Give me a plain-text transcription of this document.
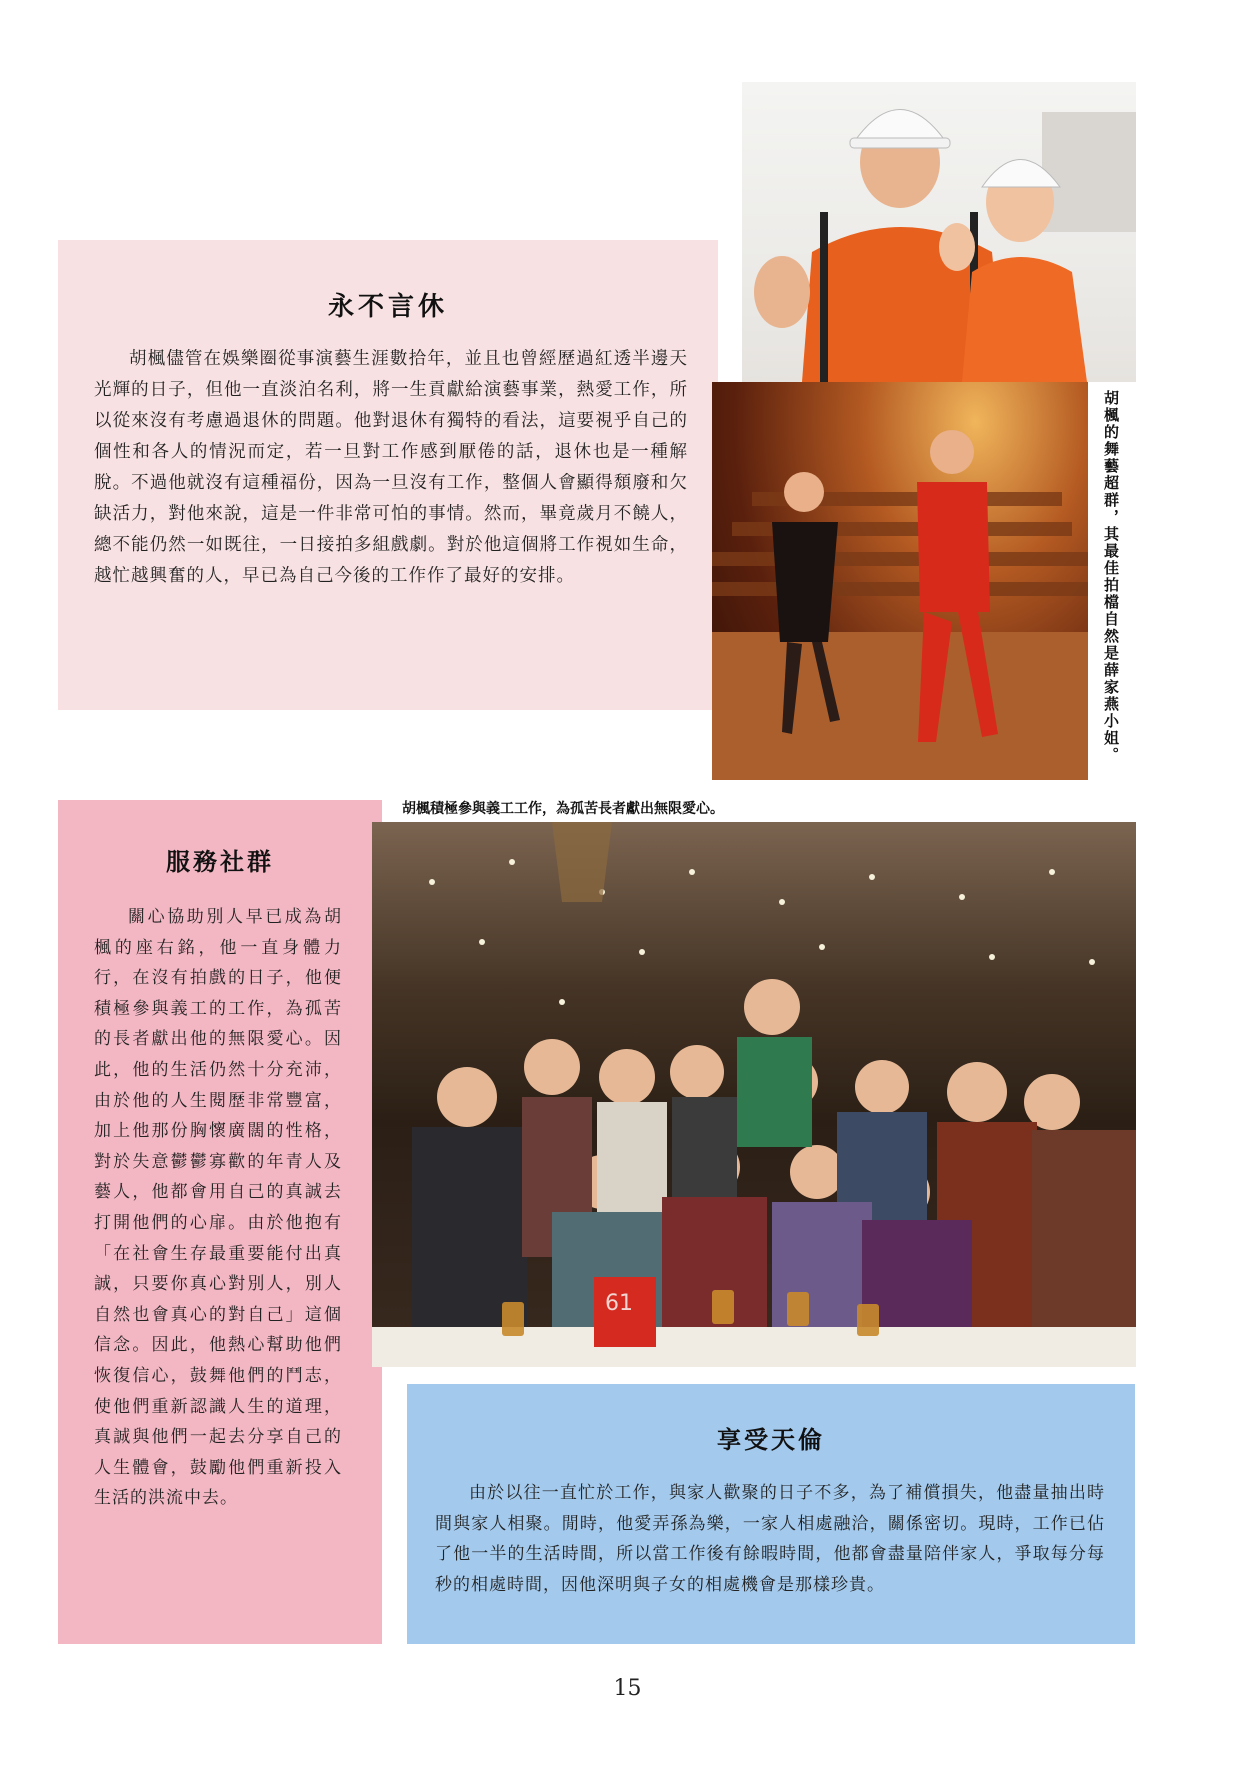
永不言休

胡楓儘管在娛樂圈從事演藝生涯數拾年，並且也曾經歷過紅透半邊天光輝的日子，但他一直淡泊名利，將一生貢獻給演藝事業，熱愛工作，所以從來沒有考慮過退休的問題。他對退休有獨特的看法，這要視乎自己的個性和各人的情況而定，若一旦對工作感到厭倦的話，退休也是一種解脫。不過他就沒有這種福份，因為一旦沒有工作，整個人會顯得頹廢和欠缺活力，對他來說，這是一件非常可怕的事情。然而，畢竟歲月不饒人，總不能仍然一如既往，一日接拍多組戲劇。對於他這個將工作視如生命，越忙越興奮的人，早已為自己今後的工作作了最好的安排。	胡楓的舞藝超群，其最佳拍檔自然是薛家燕小姐。
胡楓積極參與義工工作，為孤苦長者獻出無限愛心。
服務社群

關心協助別人早已成為胡楓的座右銘，他一直身體力行，在沒有拍戲的日子，他便積極參與義工的工作，為孤苦的長者獻出他的無限愛心。因此，他的生活仍然十分充沛，由於他的人生閱歷非常豐富，加上他那份胸懷廣闊的性格，對於失意鬱鬱寡歡的年青人及藝人，他都會用自己的真誠去打開他們的心扉。由於他抱有「在社會生存最重要能付出真誠，只要你真心對別人，別人自然也會真心的對自己」這個信念。因此，他熱心幫助他們恢復信心，鼓舞他們的鬥志，使他們重新認識人生的道理，真誠與他們一起去分享自己的人生體會，鼓勵他們重新投入生活的洪流中去。

61
享受天倫

由於以往一直忙於工作，與家人歡聚的日子不多，為了補償損失，他盡量抽出時間與家人相聚。閒時，他愛弄孫為樂，一家人相處融洽，關係密切。現時，工作已佔了他一半的生活時間，所以當工作後有餘暇時間，他都會盡量陪伴家人，爭取每分每秒的相處時間，因他深明與子女的相處機會是那樣珍貴。

15
